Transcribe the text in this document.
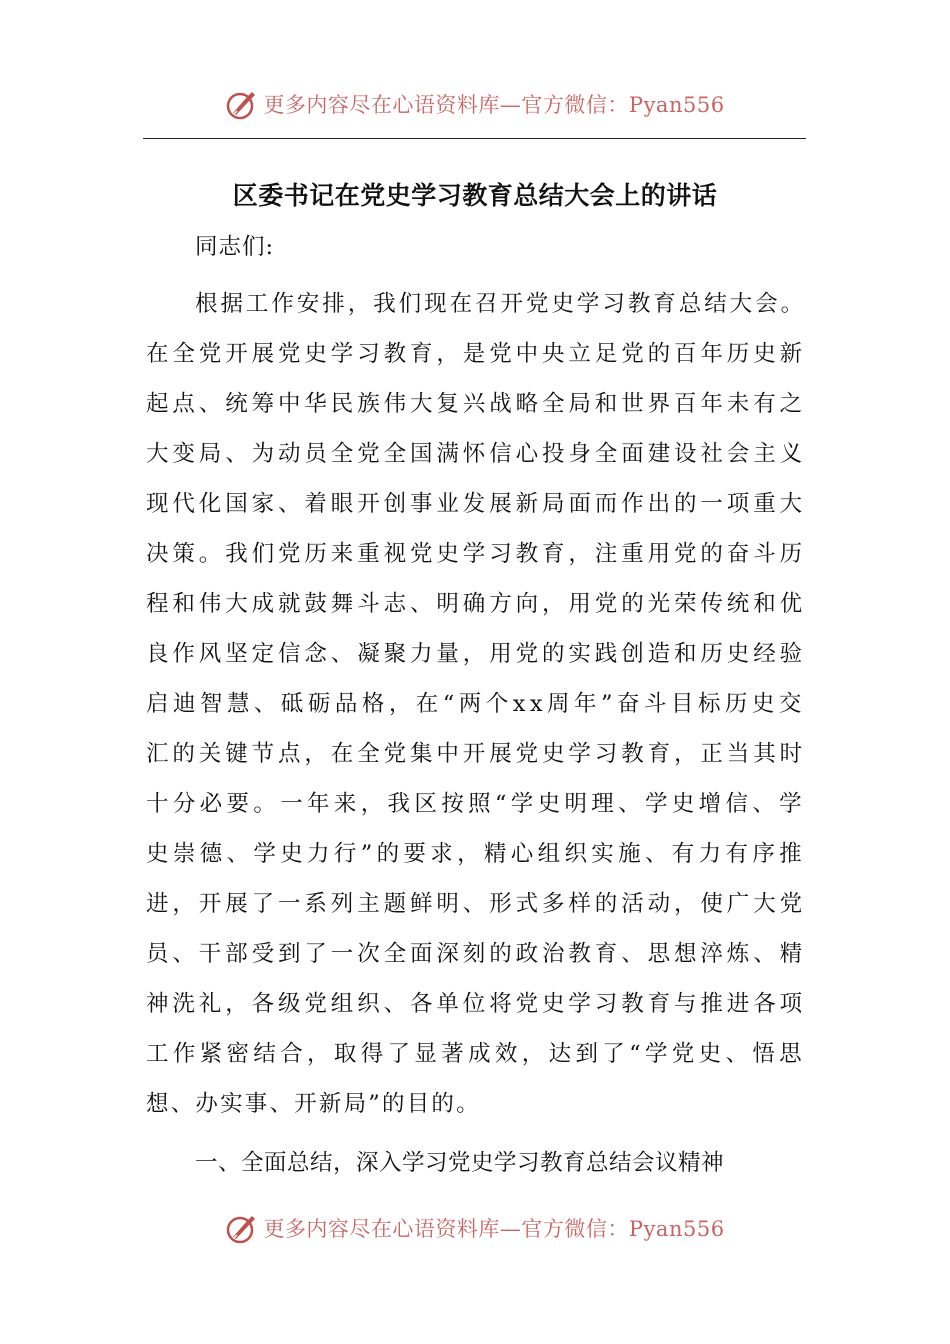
更多内容尽在心语资料库—官方微信：Pyan556
区委书记在党史学习教育总结大会上的讲话
同志们:
根据工作安排，我们现在召开党史学习教育总结大会。
在全党开展党史学习教育，是党中央立足党的百年历史新
起点、统筹中华民族伟大复兴战略全局和世界百年未有之
大变局、为动员全党全国满怀信心投身全面建设社会主义
现代化国家、着眼开创事业发展新局面而作出的一项重大
决策。我们党历来重视党史学习教育，注重用党的奋斗历
程和伟大成就鼓舞斗志、明确方向，用党的光荣传统和优
良作风坚定信念、凝聚力量，用党的实践创造和历史经验
启迪智慧、砥砺品格，在“两个xx周年”奋斗目标历史交
汇的关键节点，在全党集中开展党史学习教育，正当其时
十分必要。一年来，我区按照“学史明理、学史增信、学
史崇德、学史力行”的要求，精心组织实施、有力有序推
进，开展了一系列主题鲜明、形式多样的活动，使广大党
员、干部受到了一次全面深刻的政治教育、思想淬炼、精
神洗礼，各级党组织、各单位将党史学习教育与推进各项
工作紧密结合，取得了显著成效，达到了“学党史、悟思
想、办实事、开新局”的目的。
一、全面总结，深入学习党史学习教育总结会议精神
更多内容尽在心语资料库—官方微信：Pyan556
